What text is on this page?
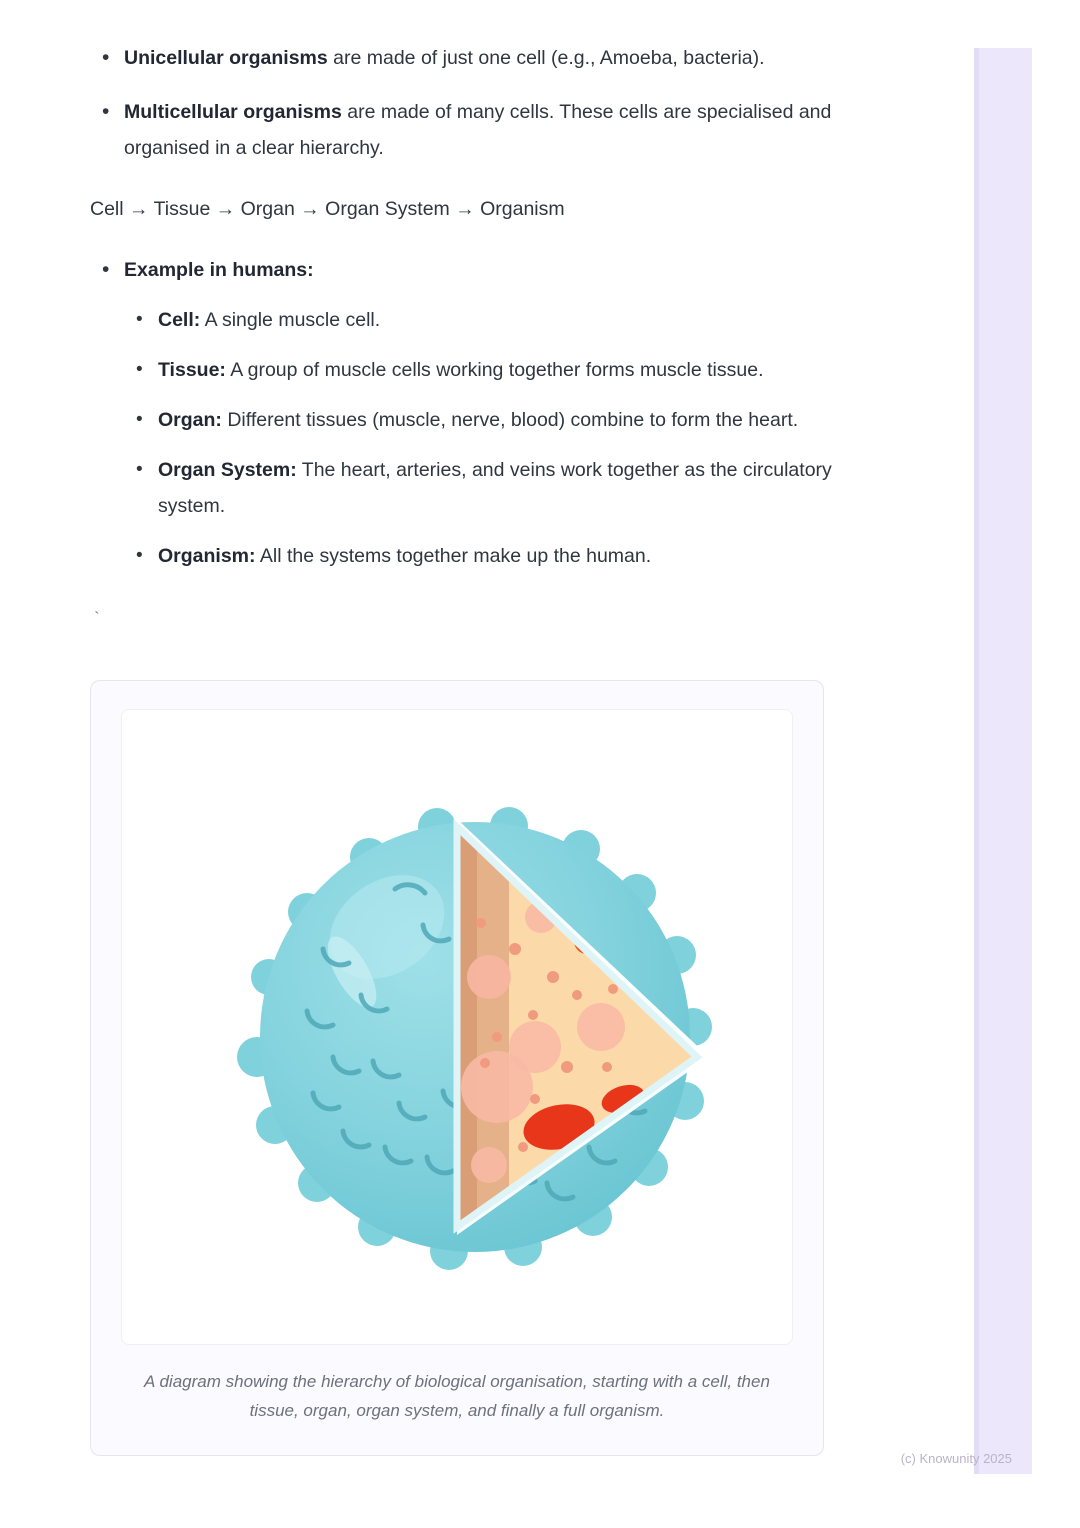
• Unicellular organisms are made of just one cell (e.g., Amoeba, bacteria).
• Multicellular organisms are made of many cells. These cells are specialised and organised in a clear hierarchy.
Cell → Tissue → Organ → Organ System → Organism
• Example in humans:
• Cell: A single muscle cell.
• Tissue: A group of muscle cells working together forms muscle tissue.
• Organ: Different tissues (muscle, nerve, blood) combine to form the heart.
• Organ System: The heart, arteries, and veins work together as the circulatory system.
• Organism: All the systems together make up the human.
`
A diagram showing the hierarchy of biological organisation, starting with a cell, then tissue, organ, organ system, and finally a full organism.
(c) Knowunity 2025
